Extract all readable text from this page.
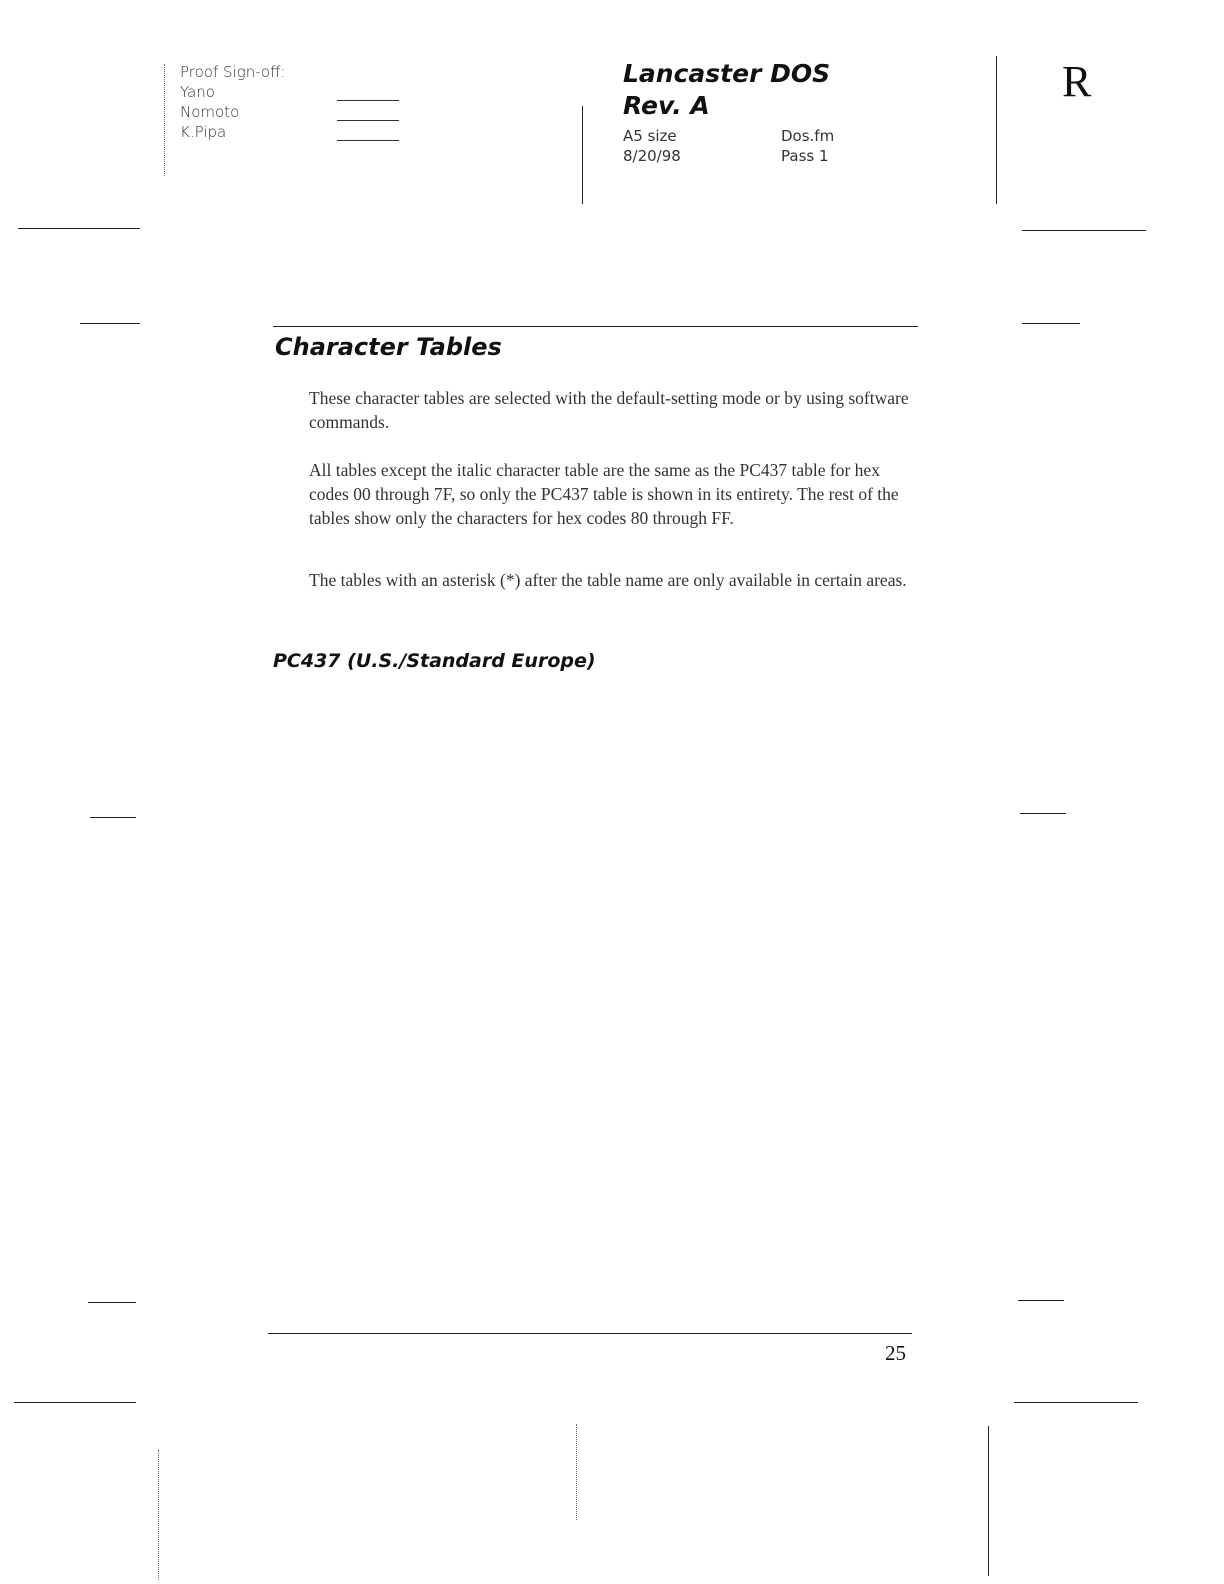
Proof Sign-off:
Yano
Nomoto
K.Pipa
Lancaster DOS
Rev. A
A5 size	Dos.fm
8/20/98	Pass 1
R
Character Tables

These character tables are selected with the default-setting mode or by using software commands.

All tables except the italic character table are the same as the PC437 table for hex codes 00 through 7F, so only the PC437 table is shown in its entirety. The rest of the tables show only the characters for hex codes 80 through FF.

The tables with an asterisk (*) after the table name are only available in certain areas.

PC437 (U.S./Standard Europe)
25
